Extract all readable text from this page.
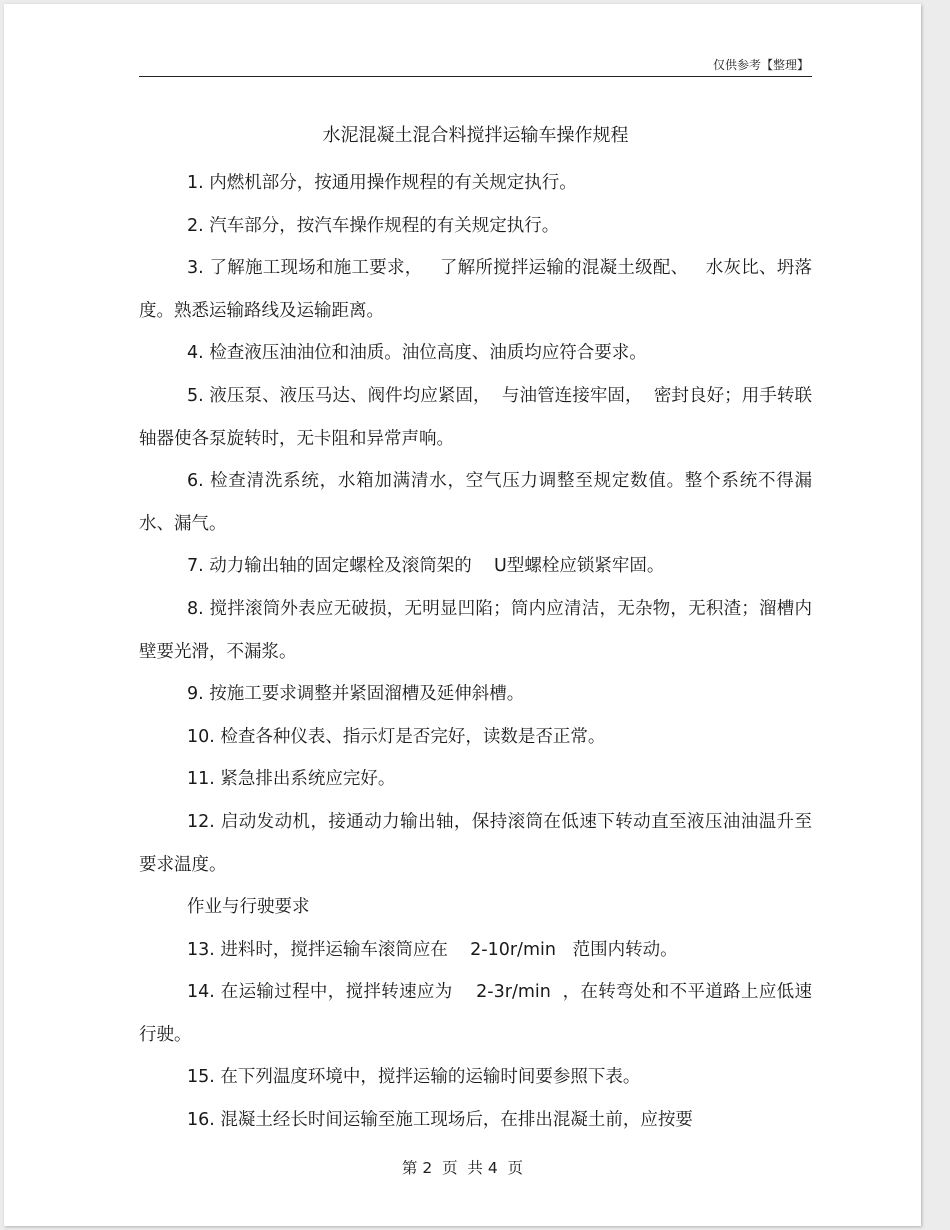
仅供参考【整理】
水泥混凝土混合料搅拌运输车操作规程

1. 内燃机部分，按通用操作规程的有关规定执行。

2. 汽车部分，按汽车操作规程的有关规定执行。

3. 了解施工现场和施工要求，   了解所搅拌运输的混凝土级配、   水灰比、坍落度。熟悉运输路线及运输距离。

4. 检查液压油油位和油质。油位高度、油质均应符合要求。

5. 液压泵、液压马达、阀件均应紧固，  与油管连接牢固，  密封良好；用手转联轴器使各泵旋转时，无卡阻和异常声响。

6. 检查清洗系统，水箱加满清水，空气压力调整至规定数值。整个系统不得漏水、漏气。

7. 动力输出轴的固定螺栓及滚筒架的    U型螺栓应锁紧牢固。

8. 搅拌滚筒外表应无破损，无明显凹陷；筒内应清洁，无杂物，无积渣；溜槽内壁要光滑，不漏浆。

9. 按施工要求调整并紧固溜槽及延伸斜槽。

10. 检查各种仪表、指示灯是否完好，读数是否正常。

11. 紧急排出系统应完好。

12. 启动发动机，接通动力输出轴，保持滚筒在低速下转动直至液压油油温升至要求温度。

作业与行驶要求

13. 进料时，搅拌运输车滚筒应在    2-10r/min   范围内转动。

14. 在运输过程中，搅拌转速应为    2-3r/min  ，在转弯处和不平道路上应低速行驶。

15. 在下列温度环境中，搅拌运输的运输时间要参照下表。

16. 混凝土经长时间运输至施工现场后，在排出混凝土前，应按要

第 2  页  共 4  页
